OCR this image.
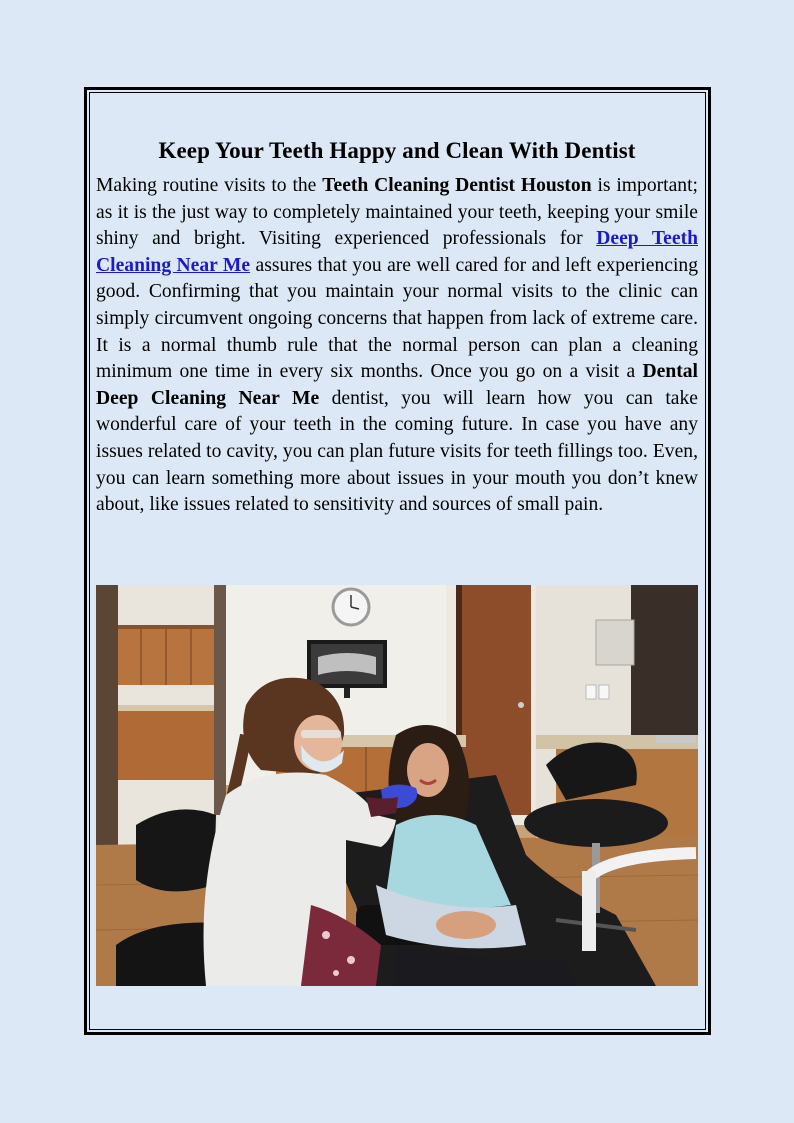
Keep Your Teeth Happy and Clean With Dentist

Making routine visits to the Teeth Cleaning Dentist Houston is important; as it is the just way to completely maintained your teeth, keeping your smile shiny and bright. Visiting experienced professionals for Deep Teeth Cleaning Near Me assures that you are well cared for and left experiencing good. Confirming that you maintain your normal visits to the clinic can simply circumvent ongoing concerns that happen from lack of extreme care. It is a normal thumb rule that the normal person can plan a cleaning minimum one time in every six months. Once you go on a visit a Dental Deep Cleaning Near Me dentist, you will learn how you can take wonderful care of your teeth in the coming future. In case you have any issues related to cavity, you can plan future visits for teeth fillings too. Even, you can learn something more about issues in your mouth you don’t knew about, like issues related to sensitivity and sources of small pain.
